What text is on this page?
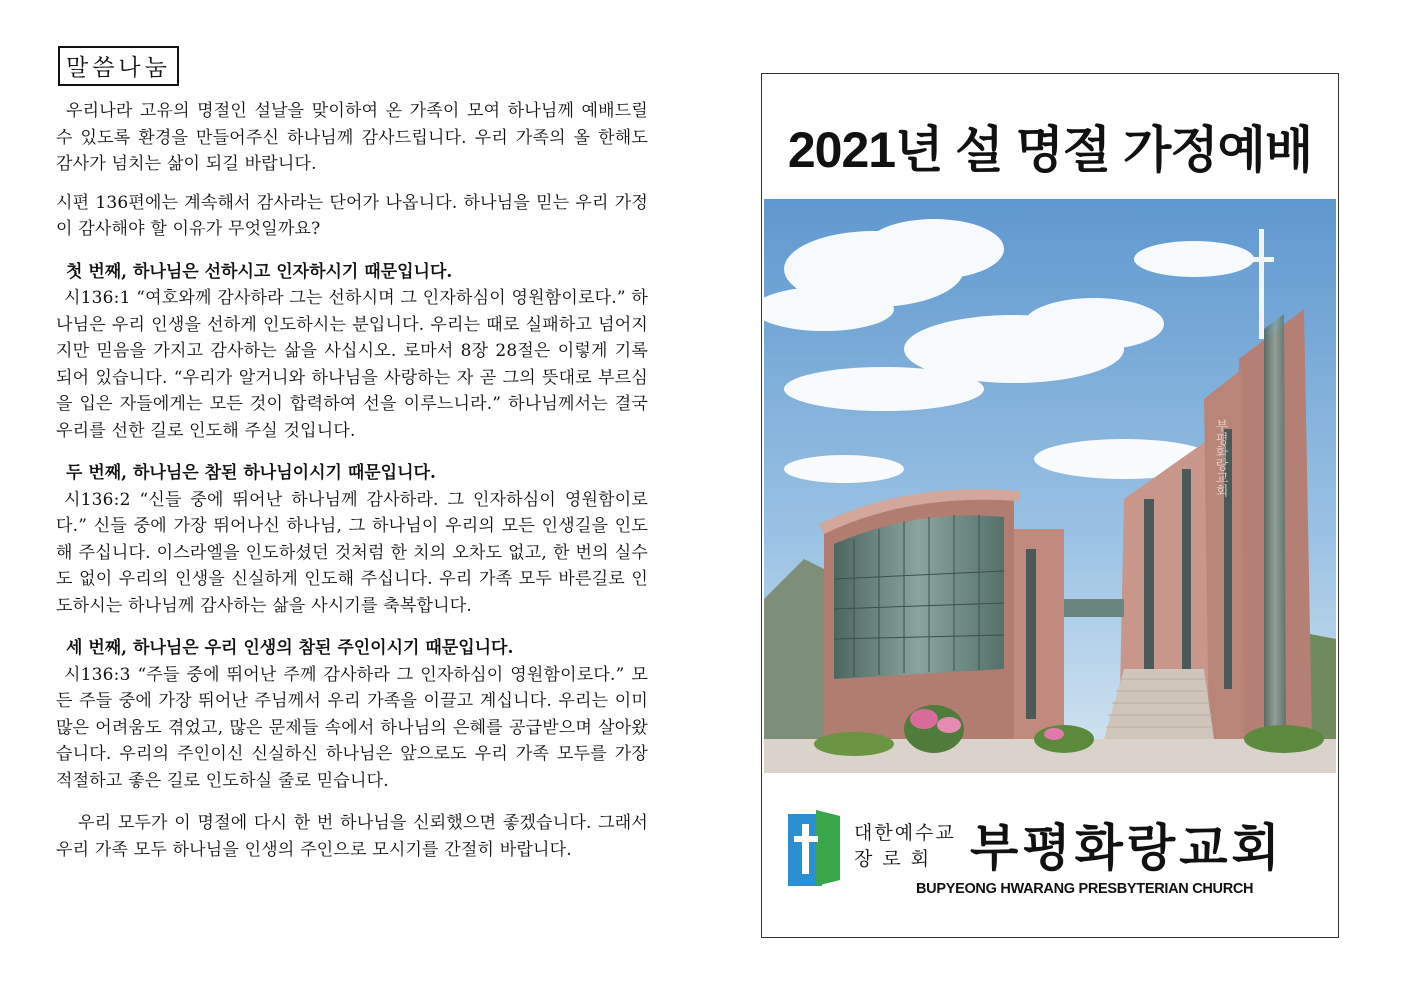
말씀나눔

우리나라 고유의 명절인 설날을 맞이하여 온 가족이 모여 하나님께 예배드릴 수 있도록 환경을 만들어주신 하나님께 감사드립니다. 우리 가족의 올 한해도 감사가 넘치는 삶이 되길 바랍니다.

시편 136편에는 계속해서 감사라는 단어가 나옵니다. 하나님을 믿는 우리 가정이 감사해야 할 이유가 무엇일까요?

첫 번째, 하나님은 선하시고 인자하시기 때문입니다.

시136:1 “여호와께 감사하라 그는 선하시며 그 인자하심이 영원함이로다.” 하나님은 우리 인생을 선하게 인도하시는 분입니다. 우리는 때로 실패하고 넘어지지만 믿음을 가지고 감사하는 삶을 사십시오. 로마서 8장 28절은 이렇게 기록되어 있습니다. “우리가 알거니와 하나님을 사랑하는 자 곧 그의 뜻대로 부르심을 입은 자들에게는 모든 것이 합력하여 선을 이루느니라.” 하나님께서는 결국 우리를 선한 길로 인도해 주실 것입니다.

두 번째, 하나님은 참된 하나님이시기 때문입니다.

시136:2 “신들 중에 뛰어난 하나님께 감사하라. 그 인자하심이 영원함이로다.” 신들 중에 가장 뛰어나신 하나님, 그 하나님이 우리의 모든 인생길을 인도해 주십니다. 이스라엘을 인도하셨던 것처럼 한 치의 오차도 없고, 한 번의 실수도 없이 우리의 인생을 신실하게 인도해 주십니다. 우리 가족 모두 바른길로 인도하시는 하나님께 감사하는 삶을 사시기를 축복합니다.

세 번째, 하나님은 우리 인생의 참된 주인이시기 때문입니다.

시136:3 “주들 중에 뛰어난 주께 감사하라 그 인자하심이 영원함이로다.” 모든 주들 중에 가장 뛰어난 주님께서 우리 가족을 이끌고 계십니다. 우리는 이미 많은 어려움도 겪었고, 많은 문제들 속에서 하나님의 은혜를 공급받으며 살아왔습니다. 우리의 주인이신 신실하신 하나님은 앞으로도 우리 가족 모두를 가장 적절하고 좋은 길로 인도하실 줄로 믿습니다.

우리 모두가 이 명절에 다시 한 번 하나님을 신뢰했으면 좋겠습니다. 그래서 우리 가족 모두 하나님을 인생의 주인으로 모시기를 간절히 바랍니다.

2021년 설 명절 가정예배
부평화랑교회
대한예수교
장 로 회 부평화랑교회
BUPYEONG HWARANG PRESBYTERIAN CHURCH
